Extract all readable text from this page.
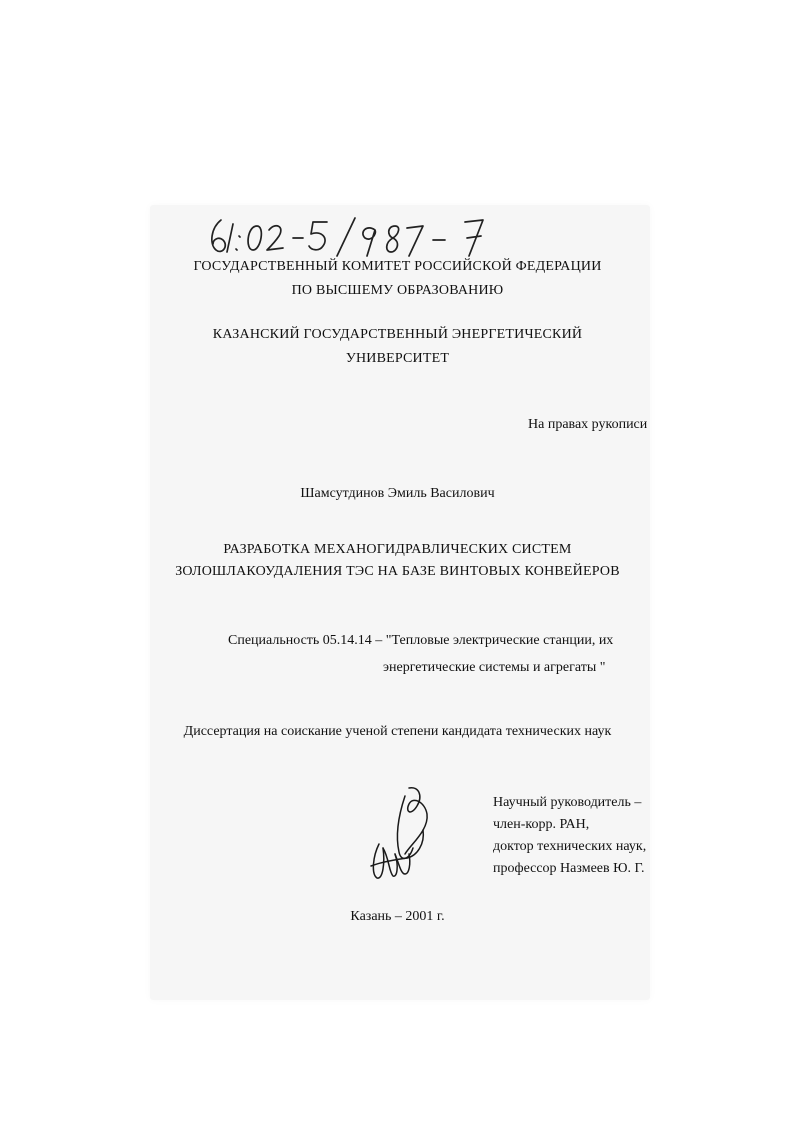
ГОСУДАРСТВЕННЫЙ КОМИТЕТ РОССИЙСКОЙ ФЕДЕРАЦИИ
ПО ВЫСШЕМУ ОБРАЗОВАНИЮ
КАЗАНСКИЙ ГОСУДАРСТВЕННЫЙ ЭНЕРГЕТИЧЕСКИЙ
УНИВЕРСИТЕТ
На правах рукописи
Шамсутдинов Эмиль Василович
РАЗРАБОТКА МЕХАНОГИДРАВЛИЧЕСКИХ СИСТЕМ
ЗОЛОШЛАКОУДАЛЕНИЯ ТЭС НА БАЗЕ ВИНТОВЫХ КОНВЕЙЕРОВ
Специальность 05.14.14 – "Тепловые электрические станции, их
энергетические системы и агрегаты "
Диссертация на соискание ученой степени кандидата технических наук
Научный руководитель –
член-корр. РАН,
доктор технических наук,
профессор Назмеев Ю. Г.
Казань – 2001 г.
